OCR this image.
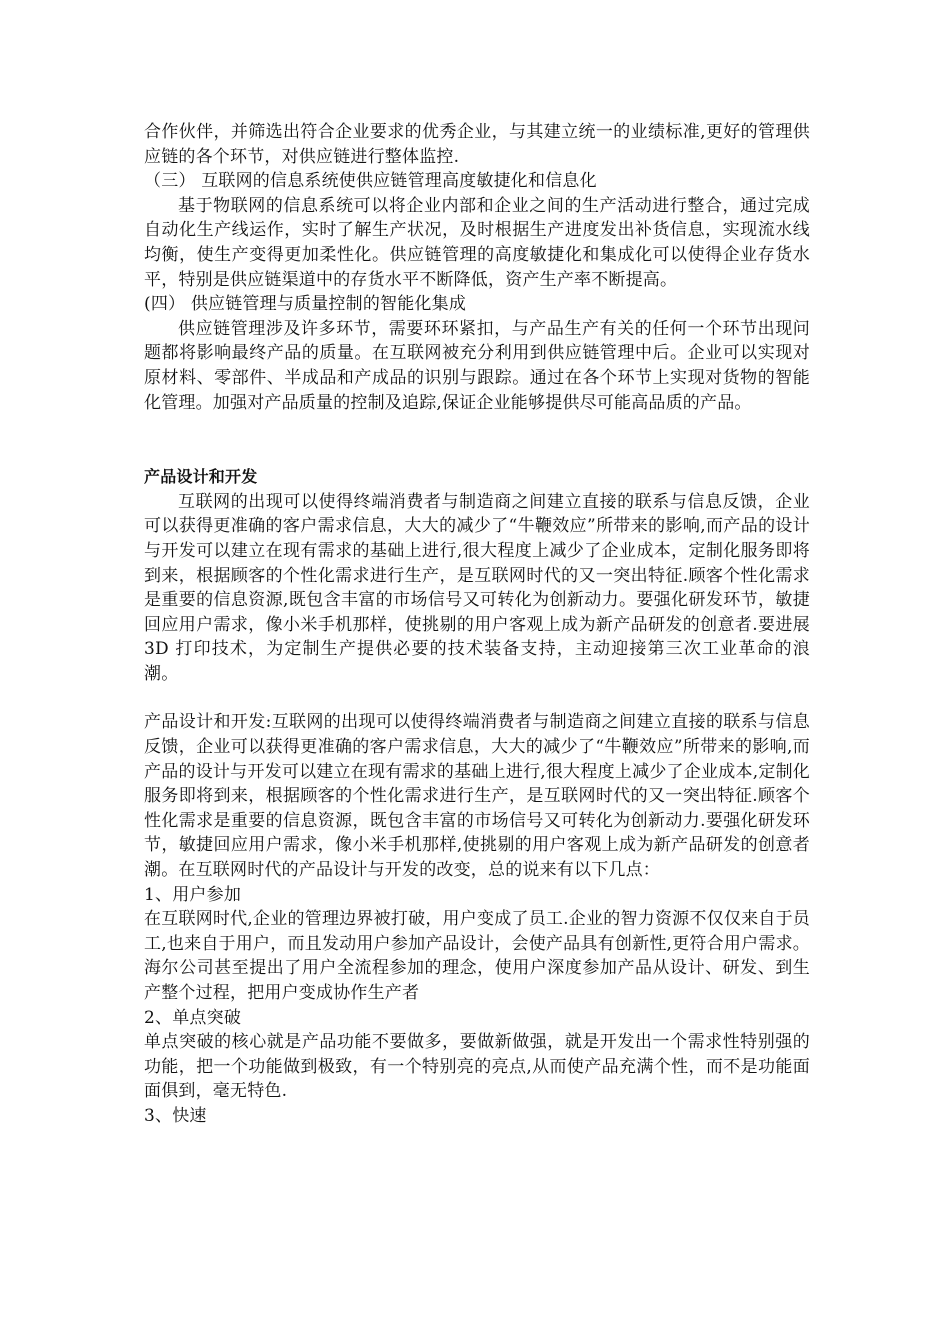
合作伙伴，并筛选出符合企业要求的优秀企业，与其建立统一的业绩标准,更好的管理供应链的各个环节，对供应链进行整体监控.

（三） 互联网的信息系统使供应链管理高度敏捷化和信息化

基于物联网的信息系统可以将企业内部和企业之间的生产活动进行整合，通过完成自动化生产线运作，实时了解生产状况，及时根据生产进度发出补货信息，实现流水线均衡，使生产变得更加柔性化。供应链管理的高度敏捷化和集成化可以使得企业存货水平，特别是供应链渠道中的存货水平不断降低，资产生产率不断提高。

(四） 供应链管理与质量控制的智能化集成

供应链管理涉及许多环节，需要环环紧扣，与产品生产有关的任何一个环节出现问题都将影响最终产品的质量。在互联网被充分利用到供应链管理中后。企业可以实现对原材料、零部件、半成品和产成品的识别与跟踪。通过在各个环节上实现对货物的智能化管理。加强对产品质量的控制及追踪,保证企业能够提供尽可能高品质的产品。

产品设计和开发

互联网的出现可以使得终端消费者与制造商之间建立直接的联系与信息反馈，企业可以获得更准确的客户需求信息，大大的减少了“牛鞭效应”所带来的影响,而产品的设计与开发可以建立在现有需求的基础上进行,很大程度上减少了企业成本，定制化服务即将到来，根据顾客的个性化需求进行生产，是互联网时代的又一突出特征.顾客个性化需求是重要的信息资源,既包含丰富的市场信号又可转化为创新动力。要强化研发环节，敏捷回应用户需求，像小米手机那样，使挑剔的用户客观上成为新产品研发的创意者.要进展 3D 打印技术，为定制生产提供必要的技术装备支持，主动迎接第三次工业革命的浪潮。

产品设计和开发:互联网的出现可以使得终端消费者与制造商之间建立直接的联系与信息反馈，企业可以获得更准确的客户需求信息，大大的减少了“牛鞭效应”所带来的影响,而产品的设计与开发可以建立在现有需求的基础上进行,很大程度上减少了企业成本,定制化服务即将到来，根据顾客的个性化需求进行生产，是互联网时代的又一突出特征.顾客个性化需求是重要的信息资源，既包含丰富的市场信号又可转化为创新动力.要强化研发环节，敏捷回应用户需求，像小米手机那样,使挑剔的用户客观上成为新产品研发的创意者潮。在互联网时代的产品设计与开发的改变，总的说来有以下几点：

1、用户参加

在互联网时代,企业的管理边界被打破，用户变成了员工.企业的智力资源不仅仅来自于员工,也来自于用户，而且发动用户参加产品设计，会使产品具有创新性,更符合用户需求。海尔公司甚至提出了用户全流程参加的理念，使用户深度参加产品从设计、研发、到生产整个过程，把用户变成协作生产者

2、单点突破

单点突破的核心就是产品功能不要做多，要做新做强，就是开发出一个需求性特别强的功能，把一个功能做到极致，有一个特别亮的亮点,从而使产品充满个性，而不是功能面面俱到，毫无特色.

3、快速
